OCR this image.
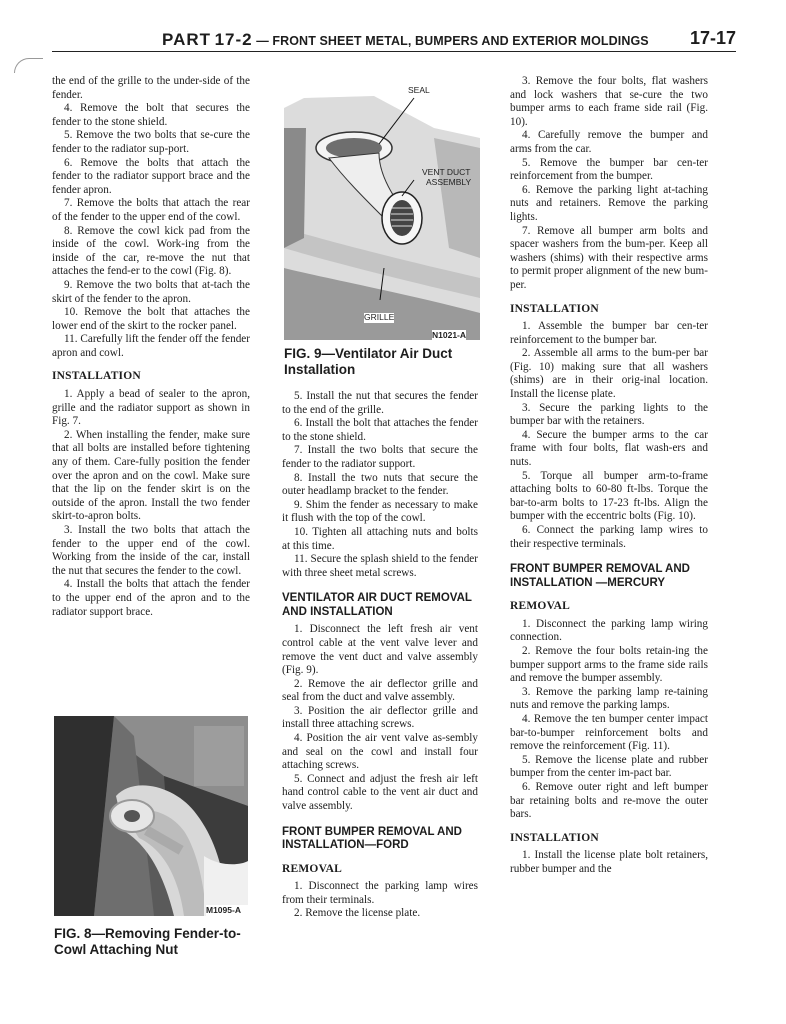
PART 17-2 — FRONT SHEET METAL, BUMPERS AND EXTERIOR MOLDINGS 17-17

the end of the grille to the under-side of the fender.

4. Remove the bolt that secures the fender to the stone shield.

5. Remove the two bolts that se-cure the fender to the radiator sup-port.

6. Remove the bolts that attach the fender to the radiator support brace and the fender apron.

7. Remove the bolts that attach the rear of the fender to the upper end of the cowl.

8. Remove the cowl kick pad from the inside of the cowl. Work-ing from the inside of the car, re-move the nut that attaches the fend-er to the cowl (Fig. 8).

9. Remove the two bolts that at-tach the skirt of the fender to the apron.

10. Remove the bolt that attaches the lower end of the skirt to the rocker panel.

11. Carefully lift the fender off the fender apron and cowl.

INSTALLATION

1. Apply a bead of sealer to the apron, grille and the radiator support as shown in Fig. 7.

2. When installing the fender, make sure that all bolts are installed before tightening any of them. Care-fully position the fender over the apron and on the cowl. Make sure that the lip on the fender skirt is on the outside of the apron. Install the two fender skirt-to-apron bolts.

3. Install the two bolts that attach the fender to the upper end of the cowl. Working from the inside of the car, install the nut that secures the fender to the cowl.

4. Install the bolts that attach the fender to the upper end of the apron and to the radiator support brace.

M1095-A
FIG. 8—Removing Fender-to-Cowl Attaching Nut
SEAL
VENT DUCT
ASSEMBLY
GRILLE
N1021-A
FIG. 9—Ventilator Air Duct Installation

5. Install the nut that secures the fender to the end of the grille.

6. Install the bolt that attaches the fender to the stone shield.

7. Install the two bolts that secure the fender to the radiator support.

8. Install the two nuts that secure the outer headlamp bracket to the fender.

9. Shim the fender as necessary to make it flush with the top of the cowl.

10. Tighten all attaching nuts and bolts at this time.

11. Secure the splash shield to the fender with three sheet metal screws.

VENTILATOR AIR DUCT REMOVAL AND INSTALLATION

1. Disconnect the left fresh air vent control cable at the vent valve lever and remove the vent duct and valve assembly (Fig. 9).

2. Remove the air deflector grille and seal from the duct and valve assembly.

3. Position the air deflector grille and install three attaching screws.

4. Position the air vent valve as-sembly and seal on the cowl and install four attaching screws.

5. Connect and adjust the fresh air left hand control cable to the vent air duct and valve assembly.

FRONT BUMPER REMOVAL AND INSTALLATION—FORD
REMOVAL

1. Disconnect the parking lamp wires from their terminals.

2. Remove the license plate.

3. Remove the four bolts, flat washers and lock washers that se-cure the two bumper arms to each frame side rail (Fig. 10).

4. Carefully remove the bumper and arms from the car.

5. Remove the bumper bar cen-ter reinforcement from the bumper.

6. Remove the parking light at-taching nuts and retainers. Remove the parking lights.

7. Remove all bumper arm bolts and spacer washers from the bum-per. Keep all washers (shims) with their respective arms to permit proper alignment of the new bum-per.

INSTALLATION

1. Assemble the bumper bar cen-ter reinforcement to the bumper bar.

2. Assemble all arms to the bum-per bar (Fig. 10) making sure that all washers (shims) are in their orig-inal location. Install the license plate.

3. Secure the parking lights to the bumper bar with the retainers.

4. Secure the bumper arms to the car frame with four bolts, flat wash-ers and nuts.

5. Torque all bumper arm-to-frame attaching bolts to 60-80 ft-lbs. Torque the bar-to-arm bolts to 17-23 ft-lbs. Align the bumper with the eccentric bolts (Fig. 10).

6. Connect the parking lamp wires to their respective terminals.

FRONT BUMPER REMOVAL AND INSTALLATION —MERCURY
REMOVAL

1. Disconnect the parking lamp wiring connection.

2. Remove the four bolts retain-ing the bumper support arms to the frame side rails and remove the bumper assembly.

3. Remove the parking lamp re-taining nuts and remove the parking lamps.

4. Remove the ten bumper center impact bar-to-bumper reinforcement bolts and remove the reinforcement (Fig. 11).

5. Remove the license plate and rubber bumper from the center im-pact bar.

6. Remove outer right and left bumper bar retaining bolts and re-move the outer bars.

INSTALLATION

1. Install the license plate bolt retainers, rubber bumper and the
